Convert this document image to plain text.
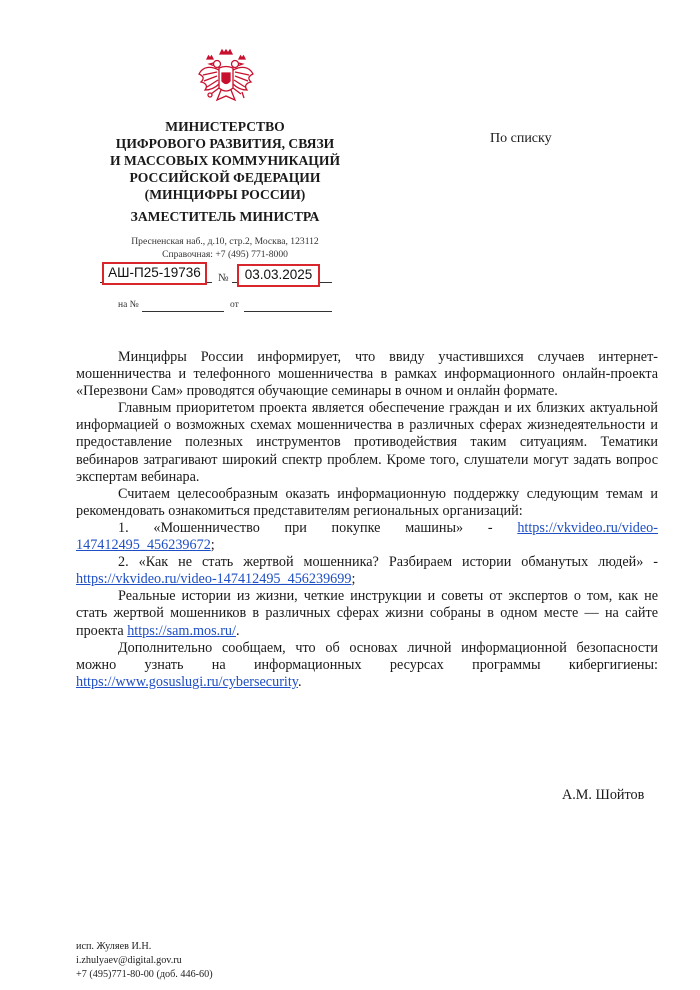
МИНИСТЕРСТВО
ЦИФРОВОГО РАЗВИТИЯ, СВЯЗИ
И МАССОВЫХ КОММУНИКАЦИЙ
РОССИЙСКОЙ ФЕДЕРАЦИИ
(МИНЦИФРЫ РОССИИ)
ЗАМЕСТИТЕЛЬ МИНИСТРА
Пресненская наб., д.10, стр.2, Москва, 123112
Справочная: +7 (495) 771-8000
По списку
№
АШ-П25-19736	03.03.2025
на №	от

Минцифры России информирует, что ввиду участившихся случаев интернет-мошенничества и телефонного мошенничества в рамках информационного онлайн-проекта «Перезвони Сам» проводятся обучающие семинары в очном и онлайн формате.

Главным приоритетом проекта является обеспечение граждан и их близких актуальной информацией о возможных схемах мошенничества в различных сферах жизнедеятельности и предоставление полезных инструментов противодействия таким ситуациям. Тематики вебинаров затрагивают широкий спектр проблем. Кроме того, слушатели могут задать вопрос экспертам вебинара.

Считаем целесообразным оказать информационную поддержку следующим темам и рекомендовать ознакомиться представителям региональных организаций:

1. «Мошенничество при покупке машины» - https://vkvideo.ru/video-147412495_456239672;

2. «Как не стать жертвой мошенника? Разбираем истории обманутых людей» - https://vkvideo.ru/video-147412495_456239699;

Реальные истории из жизни, четкие инструкции и советы от экспертов о том, как не стать жертвой мошенников в различных сферах жизни собраны в одном месте — на сайте проекта https://sam.mos.ru/.

Дополнительно сообщаем, что об основах личной информационной безопасности можно узнать на информационных ресурсах программы кибергигиены: https://www.gosuslugi.ru/cybersecurity.

А.М. Шойтов
исп. Жуляев И.Н.
i.zhulyaev@digital.gov.ru
+7 (495)771-80-00 (доб. 446-60)
